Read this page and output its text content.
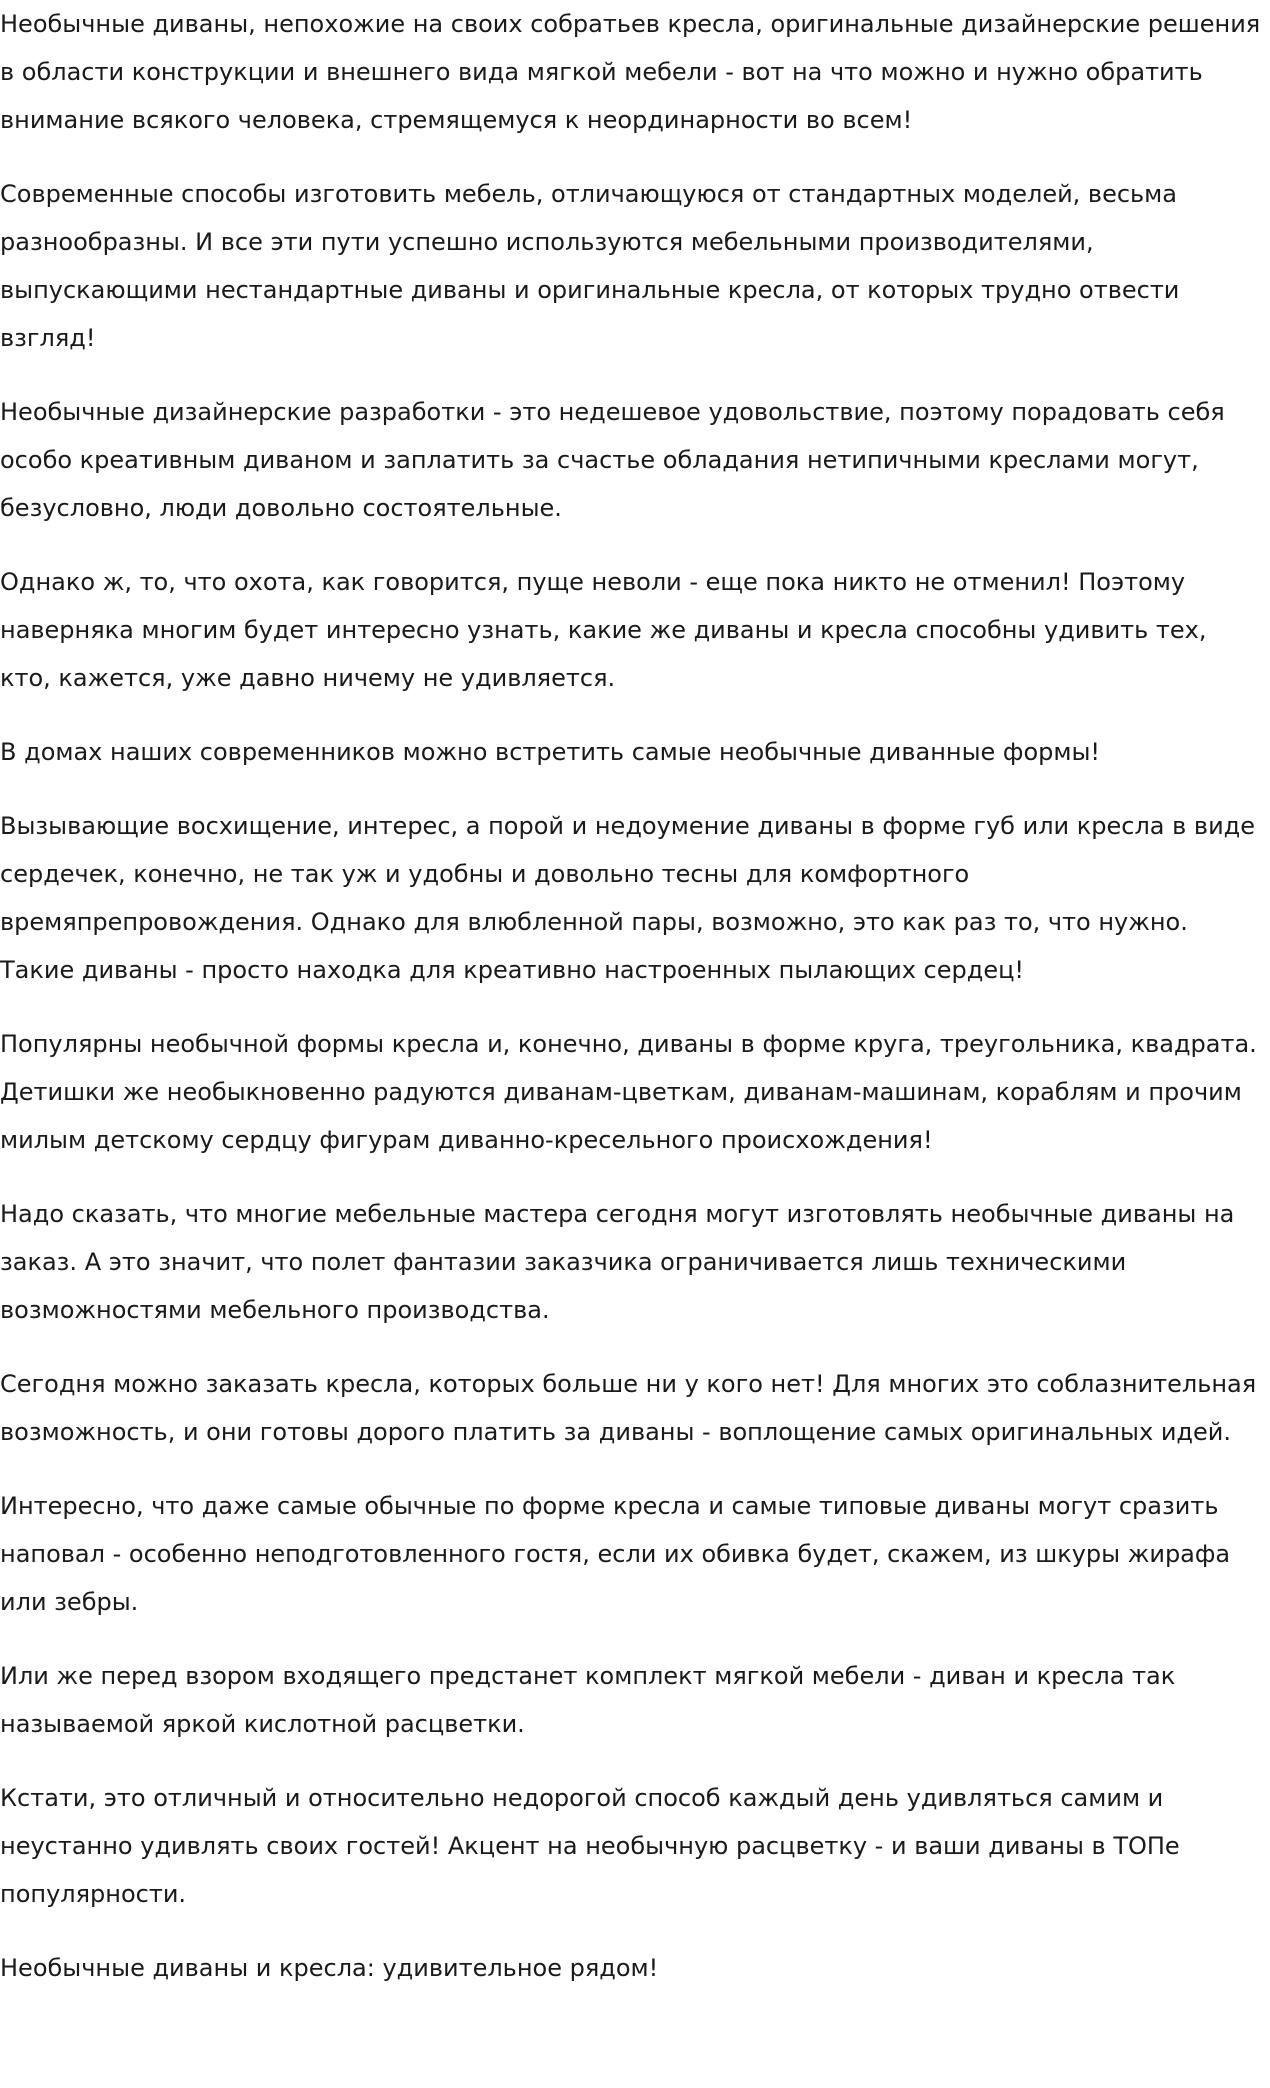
Необычные диваны, непохожие на своих собратьев кресла, оригинальные дизайнерские решения в области конструкции и внешнего вида мягкой мебели - вот на что можно и нужно обратить внимание всякого человека, стремящемуся к неординарности во всем!

Современные способы изготовить мебель, отличающуюся от стандартных моделей, весьма разнообразны. И все эти пути успешно используются мебельными производителями, выпускающими нестандартные диваны и оригинальные кресла, от которых трудно отвести взгляд!

Необычные дизайнерские разработки - это недешевое удовольствие, поэтому порадовать себя особо креативным диваном и заплатить за счастье обладания нетипичными креслами могут, безусловно, люди довольно состоятельные.

Однако ж, то, что охота, как говорится, пуще неволи - еще пока никто не отменил! Поэтому наверняка многим будет интересно узнать, какие же диваны и кресла способны удивить тех, кто, кажется, уже давно ничему не удивляется.

В домах наших современников можно встретить самые необычные диванные формы!

Вызывающие восхищение, интерес, а порой и недоумение диваны в форме губ или кресла в виде сердечек, конечно, не так уж и удобны и довольно тесны для комфортного времяпрепровождения. Однако для влюбленной пары, возможно, это как раз то, что нужно. Такие диваны - просто находка для креативно настроенных пылающих сердец!

Популярны необычной формы кресла и, конечно, диваны в форме круга, треугольника, квадрата. Детишки же необыкновенно радуются диванам-цветкам, диванам-машинам, кораблям и прочим милым детскому сердцу фигурам диванно-кресельного происхождения!

Надо сказать, что многие мебельные мастера сегодня могут изготовлять необычные диваны на заказ. А это значит, что полет фантазии заказчика ограничивается лишь техническими возможностями мебельного производства.

Сегодня можно заказать кресла, которых больше ни у кого нет! Для многих это соблазнительная возможность, и они готовы дорого платить за диваны - воплощение самых оригинальных идей.

Интересно, что даже самые обычные по форме кресла и самые типовые диваны могут сразить наповал - особенно неподготовленного гостя, если их обивка будет, скажем, из шкуры жирафа или зебры.

Или же перед взором входящего предстанет комплект мягкой мебели - диван и кресла так называемой яркой кислотной расцветки.

Кстати, это отличный и относительно недорогой способ каждый день удивляться самим и неустанно удивлять своих гостей! Акцент на необычную расцветку - и ваши диваны в ТОПе популярности.

Необычные диваны и кресла: удивительное рядом!
